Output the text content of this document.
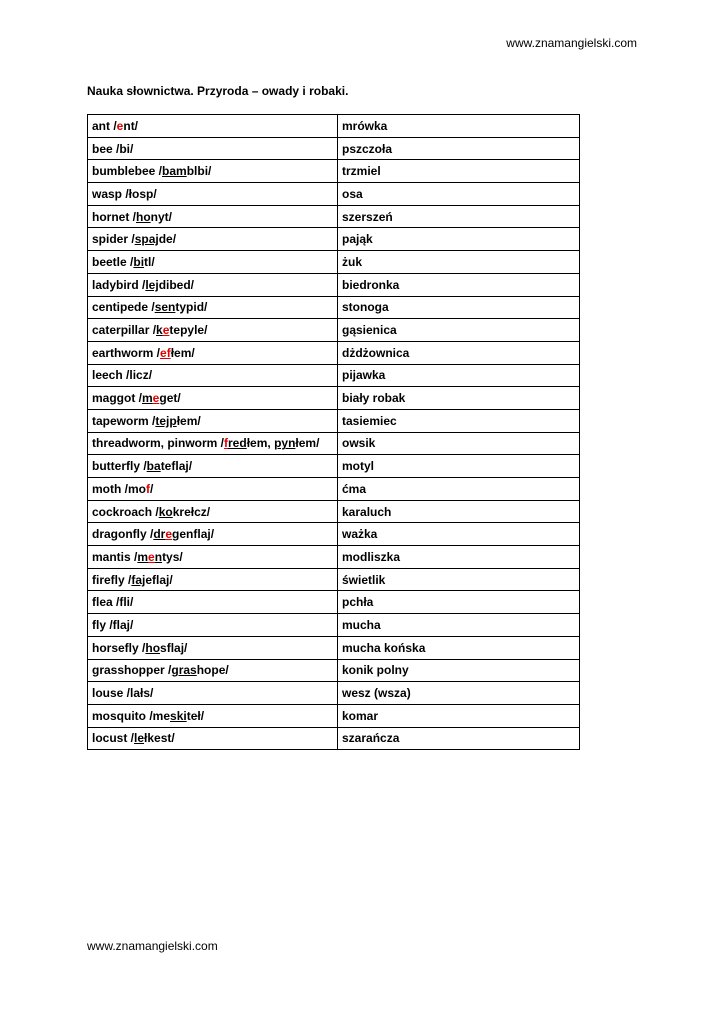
www.znamangielski.com
Nauka słownictwa. Przyroda – owady i robaki.
ant /ent/	mrówka
bee /bi/	pszczoła
bumblebee /bamblbi/	trzmiel
wasp /łosp/	osa
hornet /honyt/	szerszeń
spider /spajde/	pająk
beetle /bitl/	żuk
ladybird /lejdibed/	biedronka
centipede /sentypid/	stonoga
caterpillar /ketepyle/	gąsienica
earthworm /efłem/	dżdżownica
leech /licz/	pijawka
maggot /meget/	biały robak
tapeworm /tejpłem/	tasiemiec
threadworm, pinworm /fredłem, pynłem/	owsik
butterfly /bateflaj/	motyl
moth /mof/	ćma
cockroach /kokrełcz/	karaluch
dragonfly /dregenflaj/	ważka
mantis /mentys/	modliszka
firefly /fajeflaj/	świetlik
flea /fli/	pchła
fly /flaj/	mucha
horsefly /hosflaj/	mucha końska
grasshopper /grashope/	konik polny
louse /lałs/	wesz (wsza)
mosquito /meskiteł/	komar
locust /lełkest/	szarańcza
www.znamangielski.com
